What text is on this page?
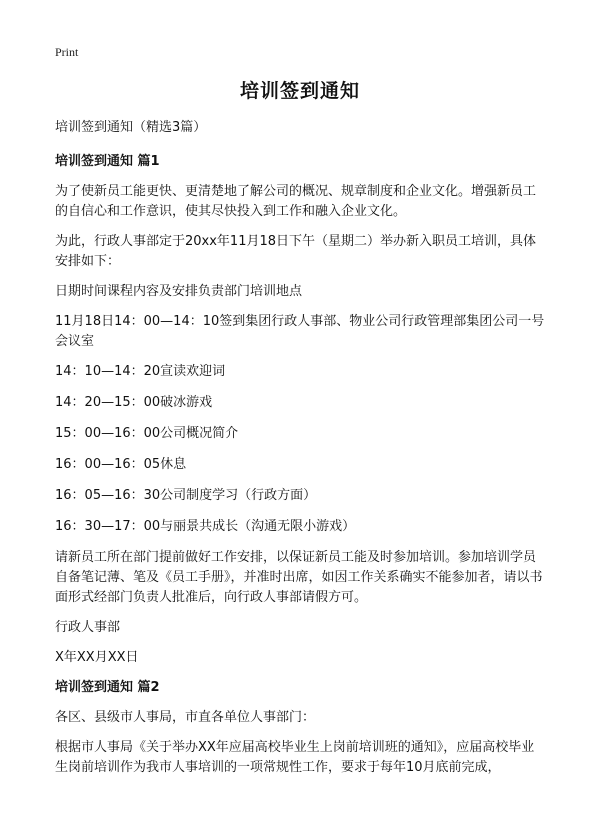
Print
培训签到通知

培训签到通知（精选3篇）

培训签到通知 篇1

为了使新员工能更快、更清楚地了解公司的概况、规章制度和企业文化。增强新员工的自信心和工作意识，使其尽快投入到工作和融入企业文化。

为此，行政人事部定于20xx年11月18日下午（星期二）举办新入职员工培训，具体安排如下：

日期时间课程内容及安排负责部门培训地点

11月18日14：00—14：10签到集团行政人事部、物业公司行政管理部集团公司一号会议室

14：10—14：20宣读欢迎词

14：20—15：00破冰游戏

15：00—16：00公司概况简介

16：00—16：05休息

16：05—16：30公司制度学习（行政方面）

16：30—17：00与丽景共成长（沟通无限小游戏）

请新员工所在部门提前做好工作安排，以保证新员工能及时参加培训。参加培训学员自备笔记薄、笔及《员工手册》，并准时出席，如因工作关系确实不能参加者，请以书面形式经部门负责人批准后，向行政人事部请假方可。

行政人事部

X年XX月XX日

培训签到通知 篇2

各区、县级市人事局，市直各单位人事部门：

根据市人事局《关于举办XX年应届高校毕业生上岗前培训班的通知》，应届高校毕业生岗前培训作为我市人事培训的一项常规性工作，要求于每年10月底前完成，
